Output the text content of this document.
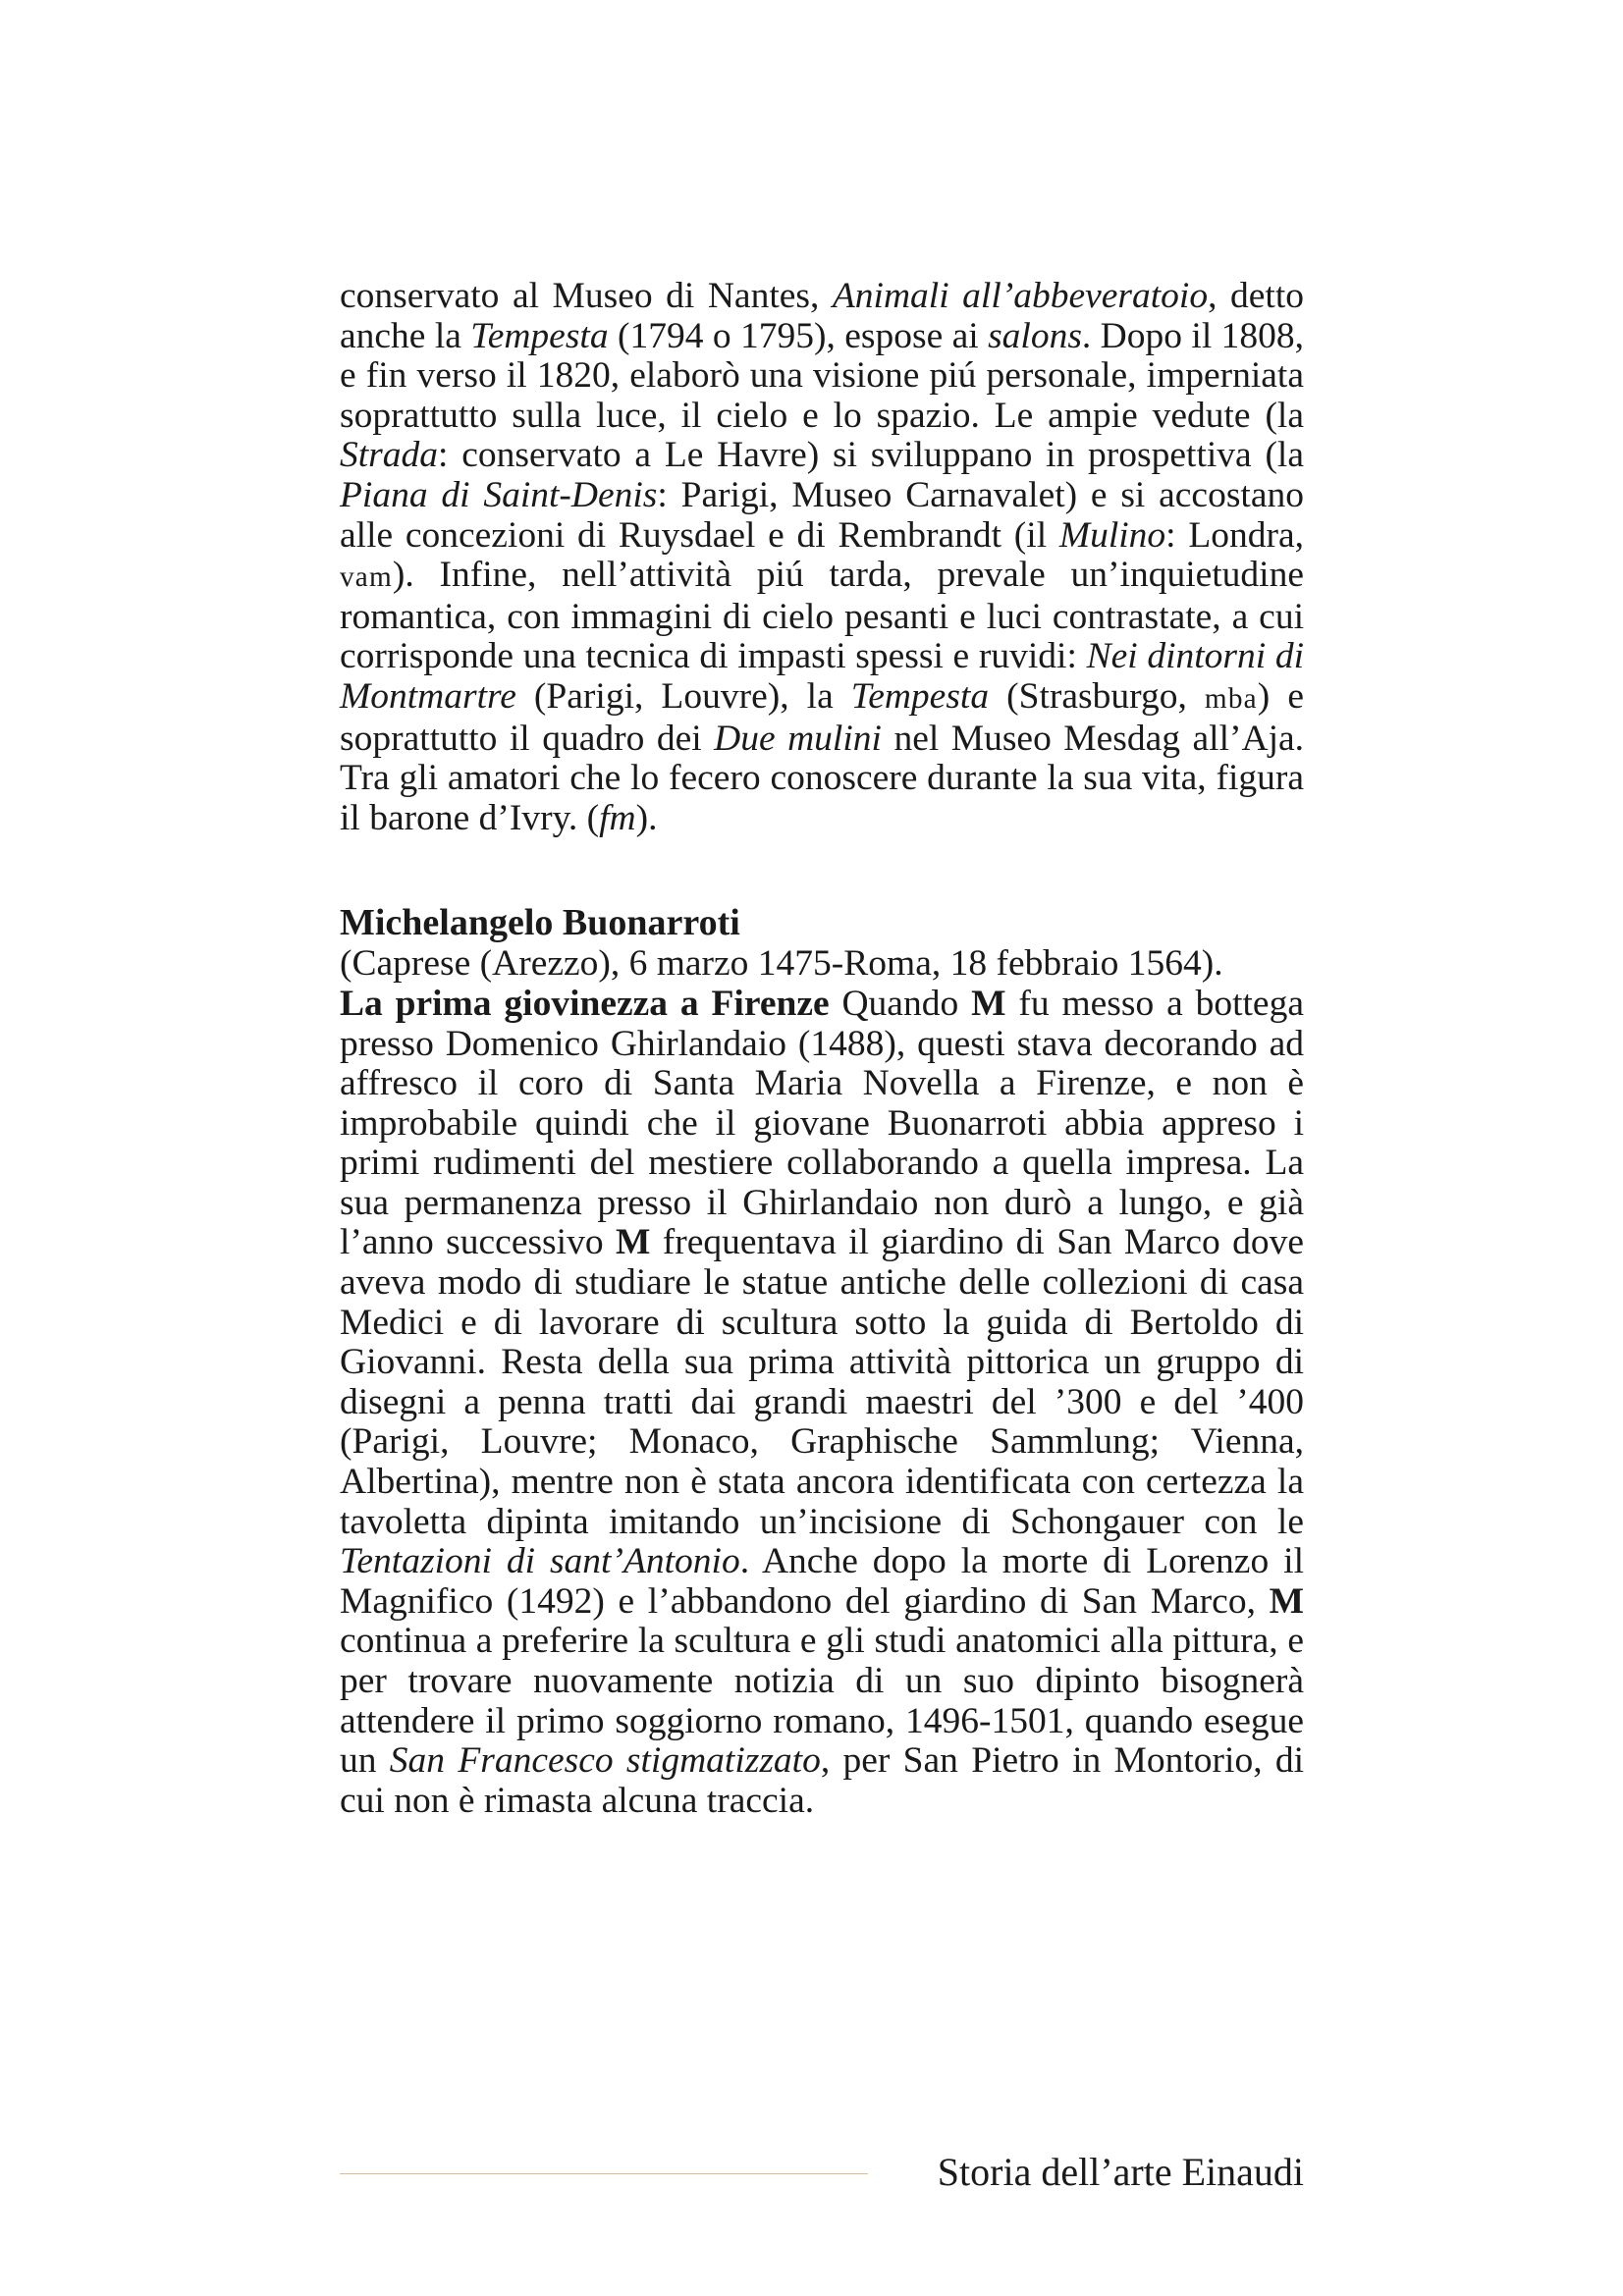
conservato al Museo di Nantes, Animali all’abbeveratoio, detto anche la Tempesta (1794 o 1795), espose ai salons. Dopo il 1808, e fin verso il 1820, elaborò una visione piú personale, imperniata soprattutto sulla luce, il cielo e lo spazio. Le ampie vedute (la Strada: conservato a Le Havre) si sviluppano in prospettiva (la Piana di Saint-Denis: Parigi, Museo Carnavalet) e si accostano alle concezioni di Ruysdael e di Rembrandt (il Mulino: Londra, vam). Infine, nell’attività piú tarda, prevale un’inquietudine romantica, con immagini di cielo pesanti e luci contrastate, a cui corrisponde una tecnica di impasti spessi e ruvidi: Nei dintorni di Montmartre (Parigi, Louvre), la Tempesta (Strasburgo, mba) e soprattutto il quadro dei Due mulini nel Museo Mesdag all’Aja. Tra gli amatori che lo fecero conoscere durante la sua vita, figura il barone d’Ivry. (fm).

Michelangelo Buonarroti

(Caprese (Arezzo), 6 marzo 1475-Roma, 18 febbraio 1564).

La prima giovinezza a Firenze Quando M fu messo a bottega presso Domenico Ghirlandaio (1488), questi stava decorando ad affresco il coro di Santa Maria Novella a Firenze, e non è improbabile quindi che il giovane Buonarroti abbia appreso i primi rudimenti del mestiere collaborando a quella impresa. La sua permanenza presso il Ghirlandaio non durò a lungo, e già l’anno successivo M frequentava il giardino di San Marco dove aveva modo di studiare le statue antiche delle collezioni di casa Medici e di lavorare di scultura sotto la guida di Bertoldo di Giovanni. Resta della sua prima attività pittorica un gruppo di disegni a penna tratti dai grandi maestri del ’300 e del ’400 (Parigi, Louvre; Monaco, Graphische Sammlung; Vienna, Albertina), mentre non è stata ancora identificata con certezza la tavoletta dipinta imitando un’incisione di Schongauer con le Tentazioni di sant’Antonio. Anche dopo la morte di Lorenzo il Magnifico (1492) e l’abbandono del giardino di San Marco, M continua a preferire la scultura e gli studi anatomici alla pittura, e per trovare nuovamente notizia di un suo dipinto bisognerà attendere il primo soggiorno romano, 1496-1501, quando esegue un San Francesco stigmatizzato, per San Pietro in Montorio, di cui non è rimasta alcuna traccia.

Storia dell’arte Einaudi
